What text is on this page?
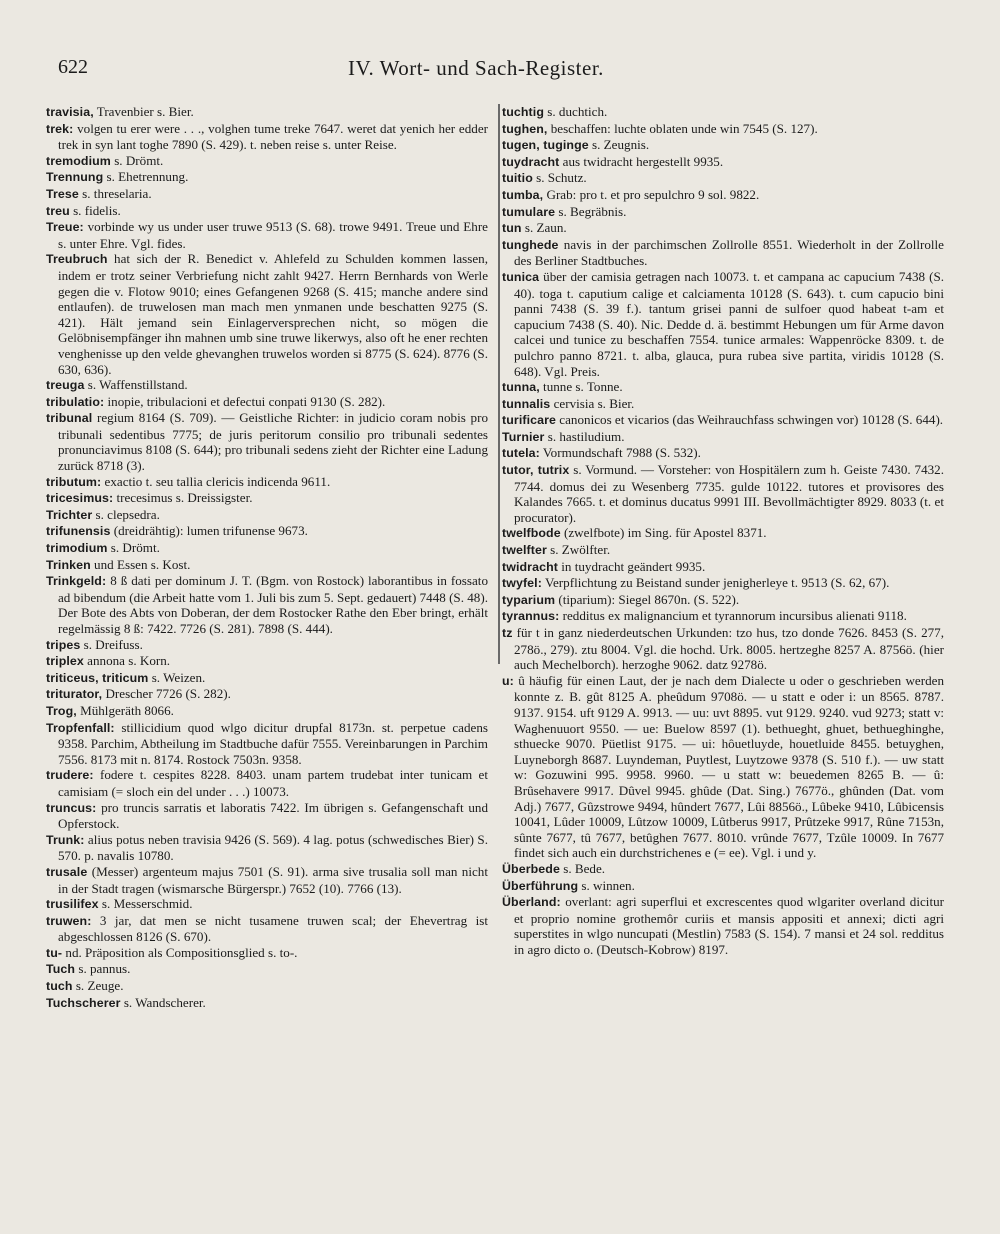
622	IV. Wort- und Sach-Register.

travisia, Travenbier s. Bier.

trek: volgen tu erer were . . ., volghen tume treke 7647. weret dat yenich her edder trek in syn lant toghe 7890 (S. 429). t. neben reise s. unter Reise.

tremodium s. Drömt.

Trennung s. Ehetrennung.

Trese s. threselaria.

treu s. fidelis.

Treue: vorbinde wy us under user truwe 9513 (S. 68). trowe 9491. Treue und Ehre s. unter Ehre. Vgl. fides.

Treubruch hat sich der R. Benedict v. Ahlefeld zu Schulden kommen lassen, indem er trotz seiner Verbriefung nicht zahlt 9427. Herrn Bernhards von Werle gegen die v. Flotow 9010; eines Gefangenen 9268 (S. 415; manche andere sind entlaufen). de truwelosen man mach men ynmanen unde beschatten 9275 (S. 421). Hält jemand sein Einlagerversprechen nicht, so mögen die Gelöbnisempfänger ihn mahnen umb sine truwe likerwys, also oft he ener rechten venghenisse up den velde ghevanghen truwelos worden si 8775 (S. 624). 8776 (S. 630, 636).

treuga s. Waffenstillstand.

tribulatio: inopie, tribulacioni et defectui conpati 9130 (S. 282).

tribunal regium 8164 (S. 709). — Geistliche Richter: in judicio coram nobis pro tribunali sedentibus 7775; de juris peritorum consilio pro tribunali sedentes pronunciavimus 8108 (S. 644); pro tribunali sedens zieht der Richter eine Ladung zurück 8718 (3).

tributum: exactio t. seu tallia clericis indicenda 9611.

tricesimus: trecesimus s. Dreissigster.

Trichter s. clepsedra.

trifunensis (dreidrähtig): lumen trifunense 9673.

trimodium s. Drömt.

Trinken und Essen s. Kost.

Trinkgeld: 8 ß dati per dominum J. T. (Bgm. von Rostock) laborantibus in fossato ad bibendum (die Arbeit hatte vom 1. Juli bis zum 5. Sept. gedauert) 7448 (S. 48). Der Bote des Abts von Doberan, der dem Rostocker Rathe den Eber bringt, erhält regelmässig 8 ß: 7422. 7726 (S. 281). 7898 (S. 444).

tripes s. Dreifuss.

triplex annona s. Korn.

triticeus, triticum s. Weizen.

triturator, Drescher 7726 (S. 282).

Trog, Mühlgeräth 8066.

Tropfenfall: stillicidium quod wlgo dicitur drupfal 8173n. st. perpetue cadens 9358. Parchim, Abtheilung im Stadtbuche dafür 7555. Vereinbarungen in Parchim 7556. 8173 mit n. 8174. Rostock 7503n. 9358.

trudere: fodere t. cespites 8228. 8403. unam partem trudebat inter tunicam et camisiam (= sloch ein del under . . .) 10073.

truncus: pro truncis sarratis et laboratis 7422. Im übrigen s. Gefangenschaft und Opferstock.

Trunk: alius potus neben travisia 9426 (S. 569). 4 lag. potus (schwedisches Bier) S. 570. p. navalis 10780.

trusale (Messer) argenteum majus 7501 (S. 91). arma sive trusalia soll man nicht in der Stadt tragen (wismarsche Bürgerspr.) 7652 (10). 7766 (13).

trusilifex s. Messerschmid.

truwen: 3 jar, dat men se nicht tusamene truwen scal; der Ehevertrag ist abgeschlossen 8126 (S. 670).

tu- nd. Präposition als Compositionsglied s. to-.

Tuch s. pannus.

tuch s. Zeuge.

Tuchscherer s. Wandscherer.

tuchtig s. duchtich.

tughen, beschaffen: luchte oblaten unde win 7545 (S. 127).

tugen, tuginge s. Zeugnis.

tuydracht aus twidracht hergestellt 9935.

tuitio s. Schutz.

tumba, Grab: pro t. et pro sepulchro 9 sol. 9822.

tumulare s. Begräbnis.

tun s. Zaun.

tunghede navis in der parchimschen Zollrolle 8551. Wiederholt in der Zollrolle des Berliner Stadtbuches.

tunica über der camisia getragen nach 10073. t. et campana ac capucium 7438 (S. 40). toga t. caputium calige et calciamenta 10128 (S. 643). t. cum capucio bini panni 7438 (S. 39 f.). tantum grisei panni de sulfoer quod habeat t-am et capucium 7438 (S. 40). Nic. Dedde d. ä. bestimmt Hebungen um für Arme davon calcei und tunice zu beschaffen 7554. tunice armales: Wappenröcke 8309. t. de pulchro panno 8721. t. alba, glauca, pura rubea sive partita, viridis 10128 (S. 648). Vgl. Preis.

tunna, tunne s. Tonne.

tunnalis cervisia s. Bier.

turificare canonicos et vicarios (das Weihrauchfass schwingen vor) 10128 (S. 644).

Turnier s. hastiludium.

tutela: Vormundschaft 7988 (S. 532).

tutor, tutrix s. Vormund. — Vorsteher: von Hospitälern zum h. Geiste 7430. 7432. 7744. domus dei zu Wesenberg 7735. gulde 10122. tutores et provisores des Kalandes 7665. t. et dominus ducatus 9991 III. Bevollmächtigter 8929. 8033 (t. et procurator).

twelfbode (zwelfbote) im Sing. für Apostel 8371.

twelfter s. Zwölfter.

twidracht in tuydracht geändert 9935.

twyfel: Verpflichtung zu Beistand sunder jenigherleye t. 9513 (S. 62, 67).

typarium (tiparium): Siegel 8670n. (S. 522).

tyrannus: redditus ex malignancium et tyrannorum incursibus alienati 9118.

tz für t in ganz niederdeutschen Urkunden: tzo hus, tzo donde 7626. 8453 (S. 277, 278ö., 279). ztu 8004. Vgl. die hochd. Urk. 8005. hertzeghe 8257 A. 8756ö. (hier auch Mechelborch). herzoghe 9062. datz 9278ö.

u: û häufig für einen Laut, der je nach dem Dialecte u oder o geschrieben werden konnte z. B. gût 8125 A. pheûdum 9708ö. — u statt e oder i: un 8565. 8787. 9137. 9154. uft 9129 A. 9913. — uu: uvt 8895. vut 9129. 9240. vud 9273; statt v: Waghenuuort 9550. — ue: Buelow 8597 (1). bethueght, ghuet, bethueghinghe, sthuecke 9070. Püetlist 9175. — ui: hôuetluyde, houetluide 8455. betuyghen, Luyneborgh 8687. Luyndeman, Puytlest, Luytzowe 9378 (S. 510 f.). — uw statt w: Gozuwini 995. 9958. 9960. — u statt w: beuedemen 8265 B. — û: Brûsehavere 9917. Dûvel 9945. ghûde (Dat. Sing.) 7677ö., ghûnden (Dat. vom Adj.) 7677, Gûzstrowe 9494, hûndert 7677, Lûi 8856ö., Lûbeke 9410, Lûbicensis 10041, Lûder 10009, Lûtzow 10009, Lûtberus 9917, Prûtzeke 9917, Rûne 7153n, sûnte 7677, tû 7677, betûghen 7677. 8010. vrûnde 7677, Tzûle 10009. In 7677 findet sich auch ein durchstrichenes e (= ee). Vgl. i und y.

Überbede s. Bede.

Überführung s. winnen.

Überland: overlant: agri superflui et excrescentes quod wlgariter overland dicitur et proprio nomine grothemôr curiis et mansis appositi et annexi; dicti agri superstites in wlgo nuncupati (Mestlin) 7583 (S. 154). 7 mansi et 24 sol. redditus in agro dicto o. (Deutsch-Kobrow) 8197.
